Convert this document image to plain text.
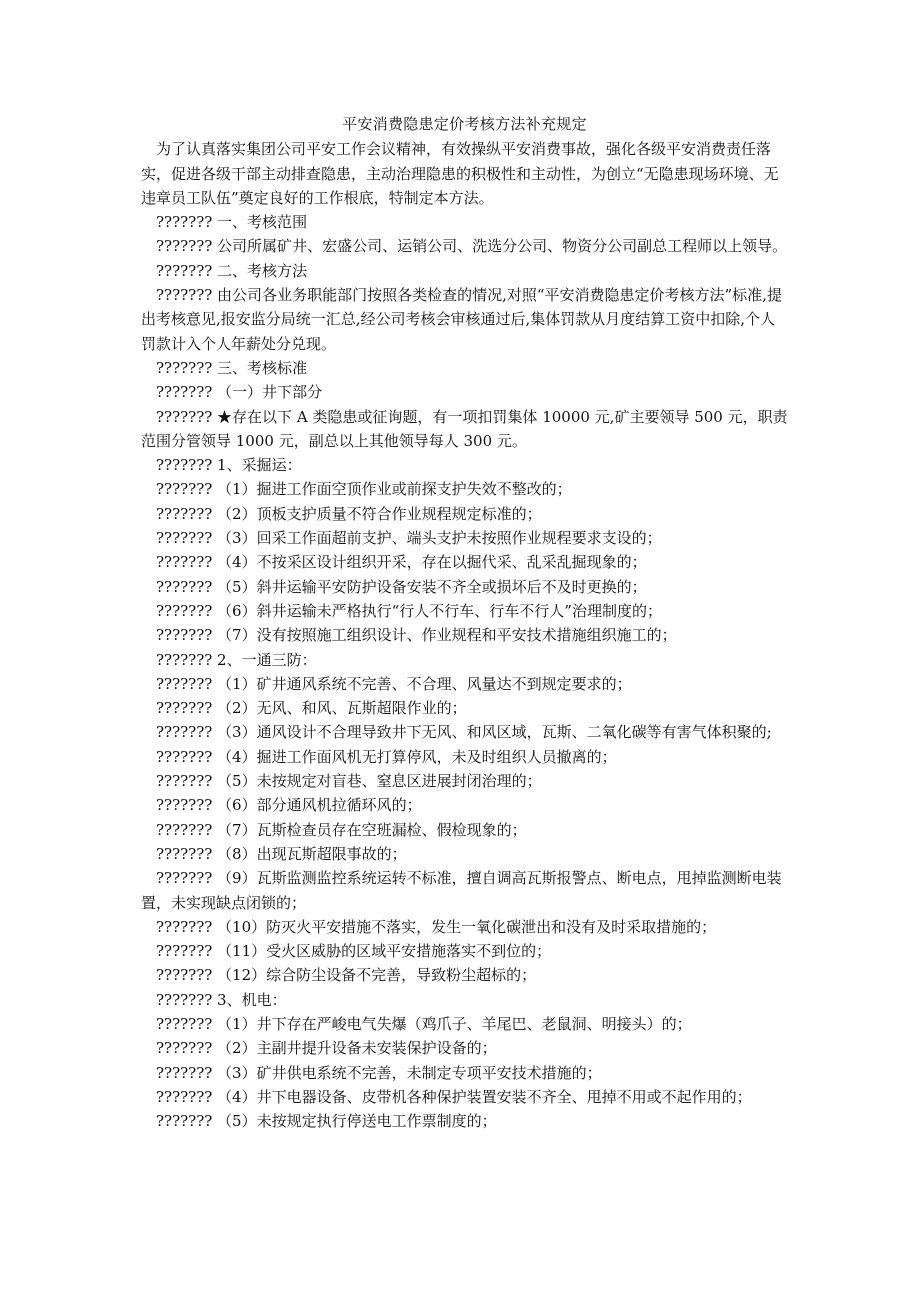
平安消费隐患定价考核方法补充规定

为了认真落实集团公司平安工作会议精神，有效操纵平安消费事故，强化各级平安消费责任落实，促进各级干部主动排查隐患，主动治理隐患的积极性和主动性，为创立“无隐患现场环境、无违章员工队伍”奠定良好的工作根底，特制定本方法。

??????? 一、考核范围

??????? 公司所属矿井、宏盛公司、运销公司、洗选分公司、物资分公司副总工程师以上领导。

??????? 二、考核方法

??????? 由公司各业务职能部门按照各类检查的情况,对照“平安消费隐患定价考核方法”标准,提出考核意见,报安监分局统一汇总,经公司考核会审核通过后,集体罚款从月度结算工资中扣除,个人罚款计入个人年薪处分兑现。

??????? 三、考核标准

??????? （一）井下部分

??????? ★存在以下 A 类隐患或征询题，有一项扣罚集体 10000 元,矿主要领导 500 元，职责范围分管领导 1000 元，副总以上其他领导每人 300 元。

??????? 1、采掘运：

??????? （1）掘进工作面空顶作业或前探支护失效不整改的；

??????? （2）顶板支护质量不符合作业规程规定标准的；

??????? （3）回采工作面超前支护、端头支护未按照作业规程要求支设的；

??????? （4）不按采区设计组织开采，存在以掘代采、乱采乱掘现象的；

??????? （5）斜井运输平安防护设备安装不齐全或损坏后不及时更换的；

??????? （6）斜井运输未严格执行“行人不行车、行车不行人”治理制度的；

??????? （7）没有按照施工组织设计、作业规程和平安技术措施组织施工的；

??????? 2、一通三防：

??????? （1）矿井通风系统不完善、不合理、风量达不到规定要求的；

??????? （2）无风、和风、瓦斯超限作业的；

??????? （3）通风设计不合理导致井下无风、和风区域，瓦斯、二氧化碳等有害气体积聚的;

??????? （4）掘进工作面风机无打算停风，未及时组织人员撤离的；

??????? （5）未按规定对盲巷、窒息区进展封闭治理的；

??????? （6）部分通风机拉循环风的；

??????? （7）瓦斯检查员存在空班漏检、假检现象的；

??????? （8）出现瓦斯超限事故的；

??????? （9）瓦斯监测监控系统运转不标准，擅自调高瓦斯报警点、断电点，甩掉监测断电装置，未实现缺点闭锁的；

??????? （10）防灭火平安措施不落实，发生一氧化碳泄出和没有及时采取措施的；

??????? （11）受火区威胁的区域平安措施落实不到位的；

??????? （12）综合防尘设备不完善，导致粉尘超标的；

??????? 3、机电：

??????? （1）井下存在严峻电气失爆（鸡爪子、羊尾巴、老鼠洞、明接头）的；

??????? （2）主副井提升设备未安装保护设备的；

??????? （3）矿井供电系统不完善，未制定专项平安技术措施的；

??????? （4）井下电器设备、皮带机各种保护装置安装不齐全、甩掉不用或不起作用的；

??????? （5）未按规定执行停送电工作票制度的；
